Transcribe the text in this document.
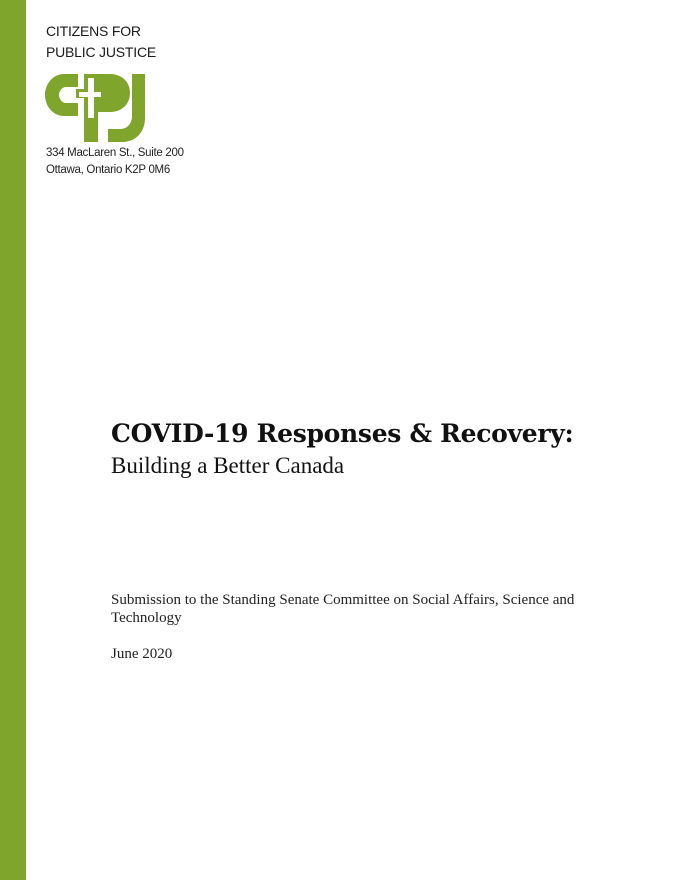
CITIZENS FOR
PUBLIC JUSTICE
334 MacLaren St., Suite 200
Ottawa, Ontario K2P 0M6
COVID-19 Responses & Recovery:
Building a Better Canada
Submission to the Standing Senate Committee on Social Affairs, Science and Technology
June 2020
